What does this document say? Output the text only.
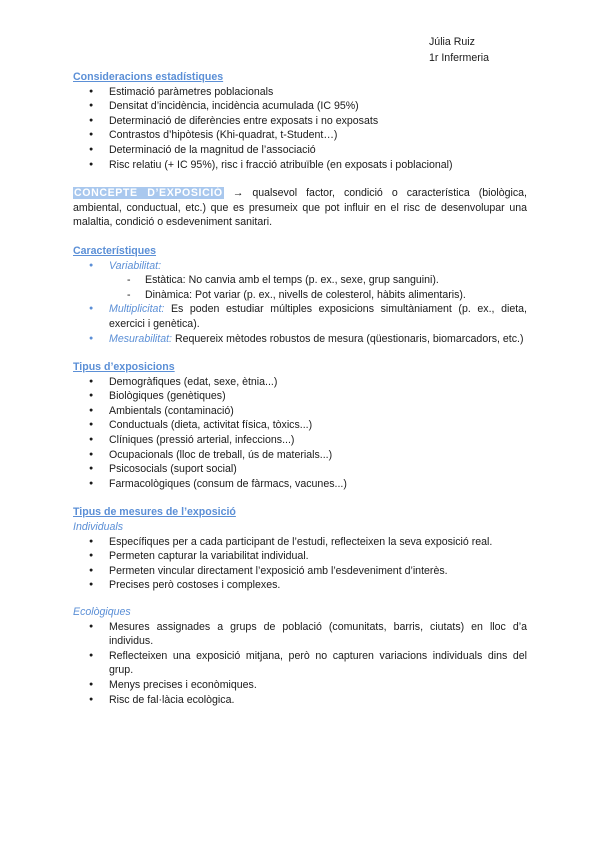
Júlia Ruiz
1r Infermeria
Consideracions estadístiques
● Estimació paràmetres poblacionals
● Densitat d’incidència, incidència acumulada (IC 95%)
● Determinació de diferències entre exposats i no exposats
● Contrastos d’hipòtesis (Khi-quadrat, t-Student…)
● Determinació de la magnitud de l’associació
● Risc relatiu (+ IC 95%), risc i fracció atribuïble (en exposats i poblacional)
CONCEPTE D’EXPOSICIÓ → qualsevol factor, condició o característica (biològica, ambiental, conductual, etc.) que es presumeix que pot influir en el risc de desenvolupar una malaltia, condició o esdeveniment sanitari.
Característiques
● Variabilitat:
- Estàtica: No canvia amb el temps (p. ex., sexe, grup sanguini).
- Dinàmica: Pot variar (p. ex., nivells de colesterol, hàbits alimentaris).
● Multiplicitat: Es poden estudiar múltiples exposicions simultàniament (p. ex., dieta, exercici i genètica).
● Mesurabilitat: Requereix mètodes robustos de mesura (qüestionaris, biomarcadors, etc.)
Tipus d’exposicions
● Demogràfiques (edat, sexe, ètnia...)
● Biològiques (genètiques)
● Ambientals (contaminació)
● Conductuals (dieta, activitat física, tòxics...)
● Clíniques (pressió arterial, infeccions...)
● Ocupacionals (lloc de treball, ús de materials...)
● Psicosocials (suport social)
● Farmacològiques (consum de fàrmacs, vacunes...)
Tipus de mesures de l’exposició
Individuals
● Específiques per a cada participant de l’estudi, reflecteixen la seva exposició real.
● Permeten capturar la variabilitat individual.
● Permeten vincular directament l’exposició amb l’esdeveniment d’interès.
● Precises però costoses i complexes.
Ecològiques
● Mesures assignades a grups de població (comunitats, barris, ciutats) en lloc d’a individus.
● Reflecteixen una exposició mitjana, però no capturen variacions individuals dins del grup.
● Menys precises i econòmiques.
● Risc de fal·làcia ecològica.
